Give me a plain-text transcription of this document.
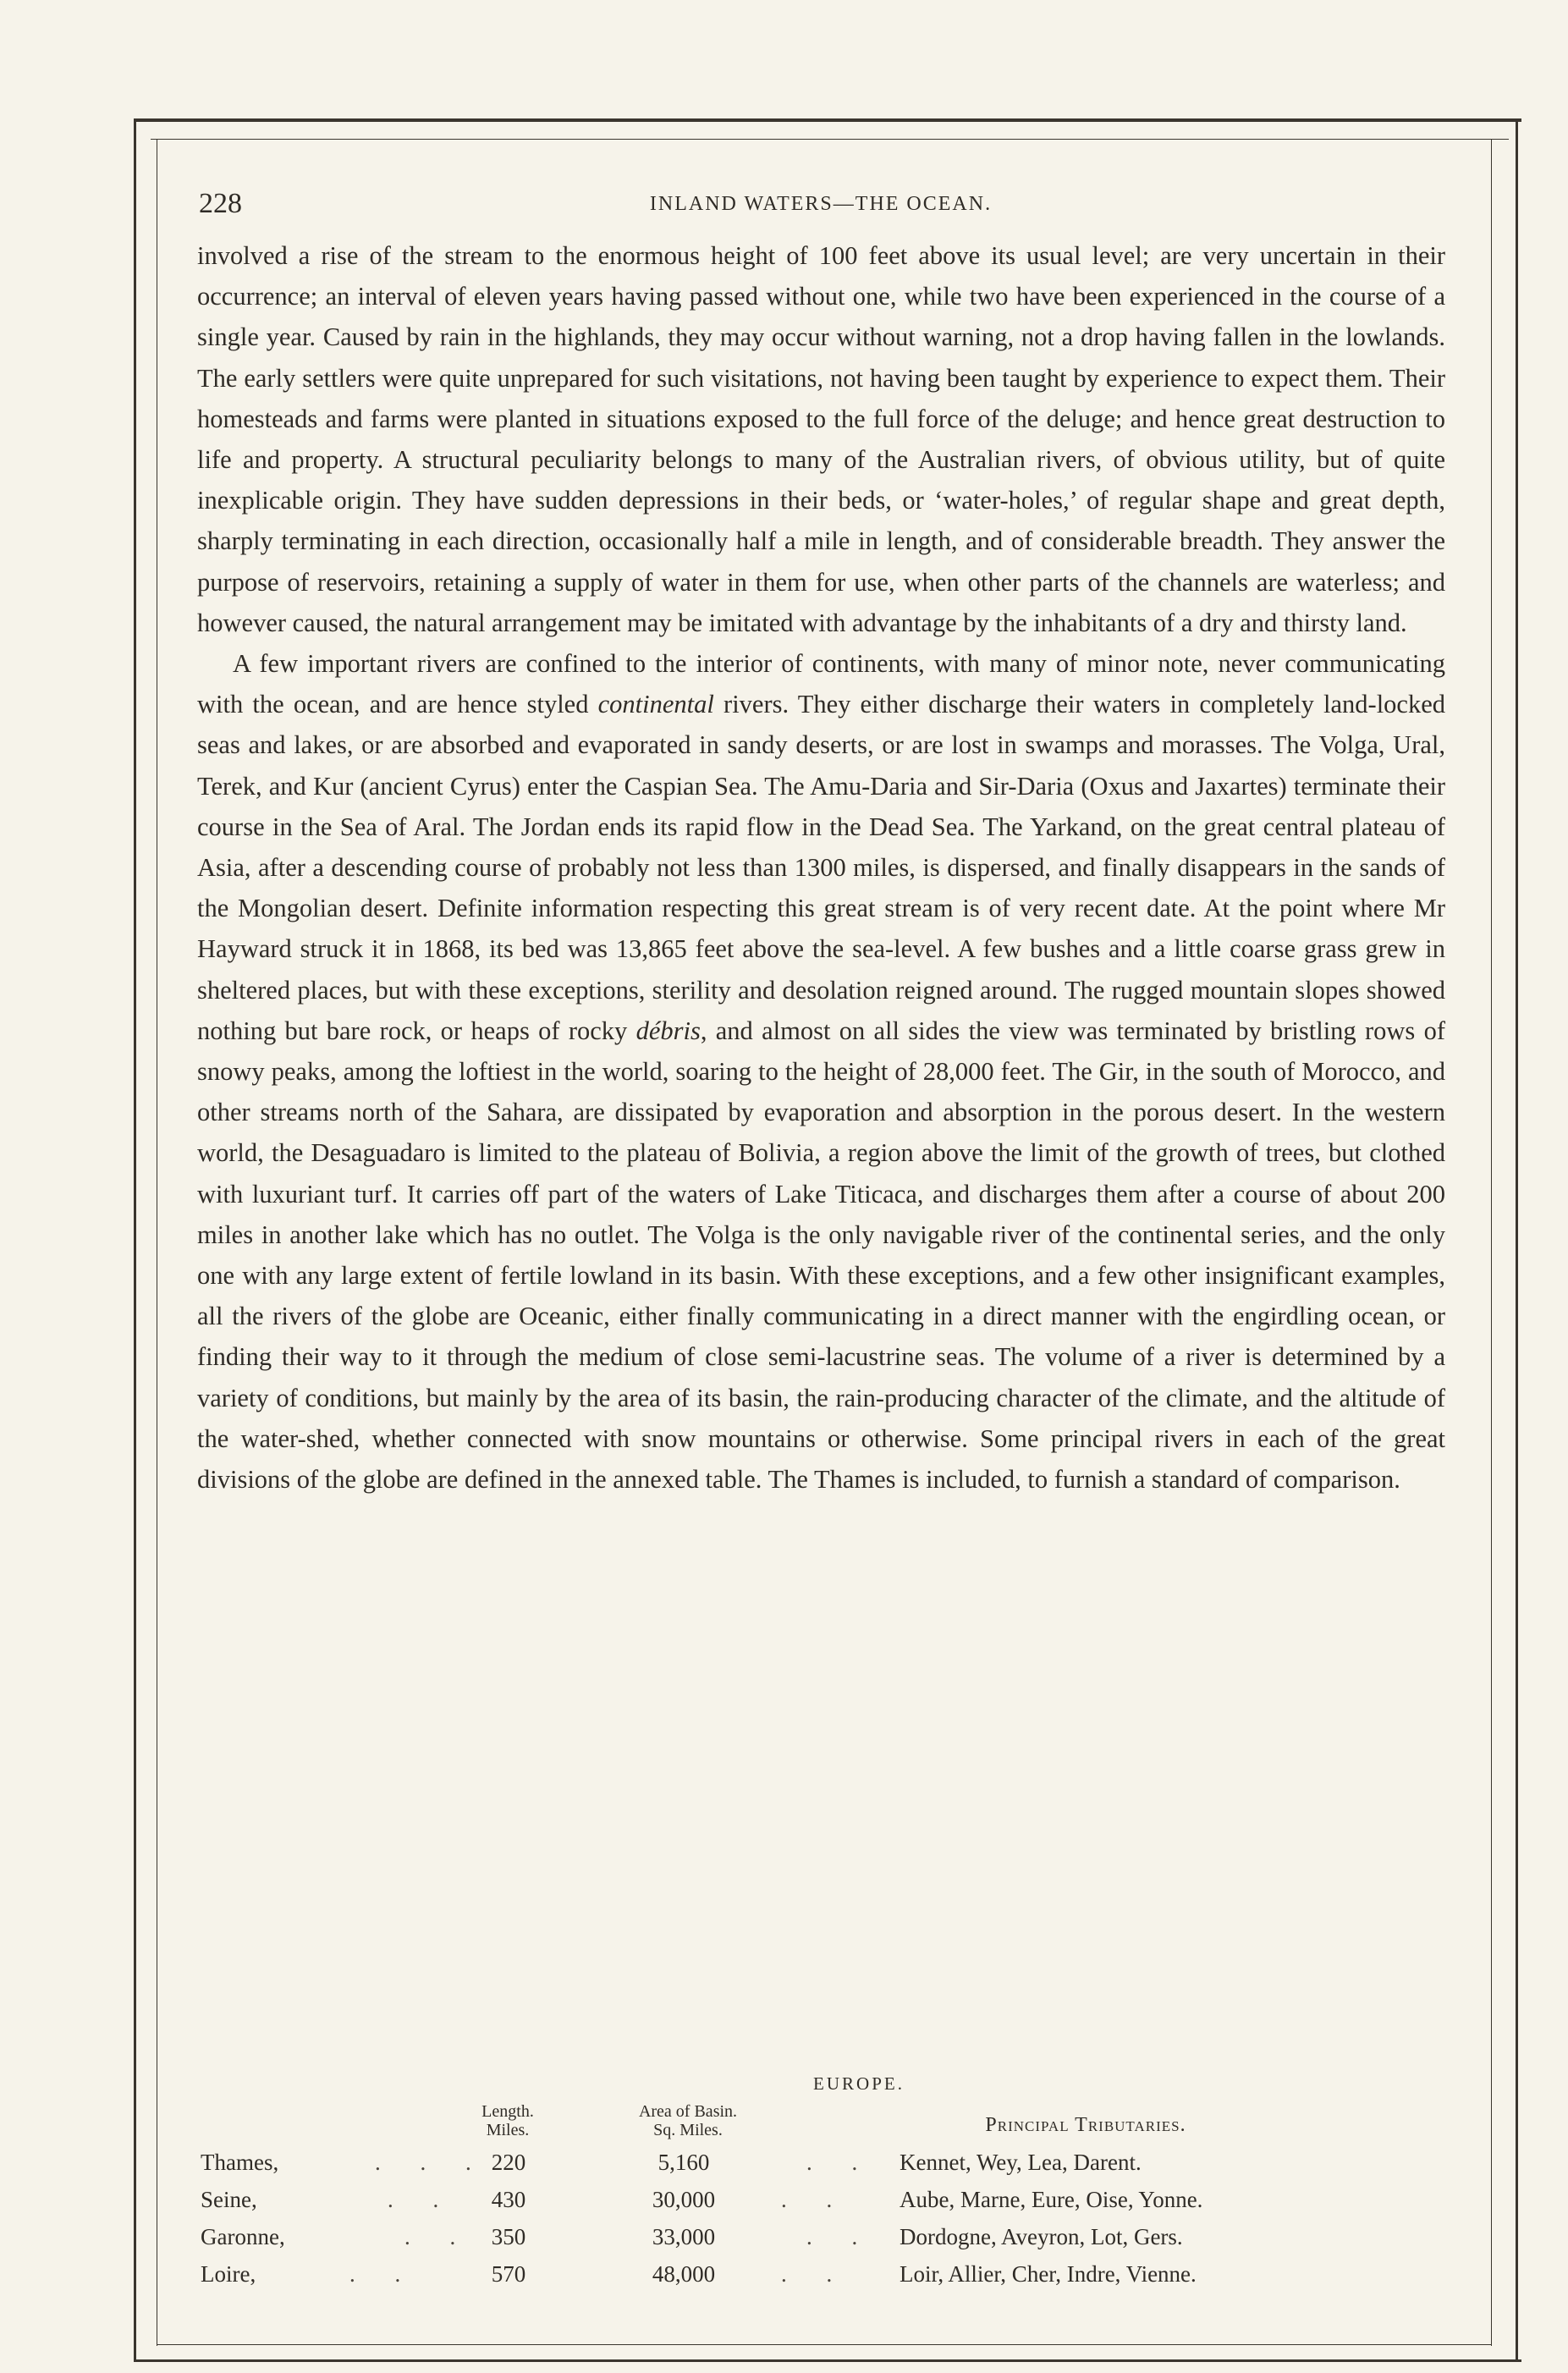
228	INLAND WATERS—THE OCEAN.

involved a rise of the stream to the enormous height of 100 feet above its usual level; are very uncertain in their occurrence; an interval of eleven years having passed without one, while two have been experienced in the course of a single year. Caused by rain in the highlands, they may occur without warning, not a drop having fallen in the lowlands. The early settlers were quite unprepared for such visitations, not having been taught by experience to expect them. Their homesteads and farms were planted in situations exposed to the full force of the deluge; and hence great destruction to life and property. A structural peculiarity belongs to many of the Australian rivers, of obvious utility, but of quite inexplicable origin. They have sudden depressions in their beds, or ‘water-holes,’ of regular shape and great depth, sharply terminating in each direction, occasionally half a mile in length, and of considerable breadth. They answer the purpose of reservoirs, retaining a supply of water in them for use, when other parts of the channels are waterless; and however caused, the natural arrangement may be imitated with advantage by the inhabitants of a dry and thirsty land.

A few important rivers are confined to the interior of continents, with many of minor note, never communicating with the ocean, and are hence styled continental rivers. They either discharge their waters in completely land-locked seas and lakes, or are absorbed and evaporated in sandy deserts, or are lost in swamps and morasses. The Volga, Ural, Terek, and Kur (ancient Cyrus) enter the Caspian Sea. The Amu-Daria and Sir-Daria (Oxus and Jaxartes) terminate their course in the Sea of Aral. The Jordan ends its rapid flow in the Dead Sea. The Yarkand, on the great central plateau of Asia, after a descending course of probably not less than 1300 miles, is dispersed, and finally disappears in the sands of the Mongolian desert. Definite information respecting this great stream is of very recent date. At the point where Mr Hayward struck it in 1868, its bed was 13,865 feet above the sea-level. A few bushes and a little coarse grass grew in sheltered places, but with these exceptions, sterility and desolation reigned around. The rugged mountain slopes showed nothing but bare rock, or heaps of rocky débris, and almost on all sides the view was terminated by bristling rows of snowy peaks, among the loftiest in the world, soaring to the height of 28,000 feet. The Gir, in the south of Morocco, and other streams north of the Sahara, are dissipated by evaporation and absorption in the porous desert. In the western world, the Desaguadaro is limited to the plateau of Bolivia, a region above the limit of the growth of trees, but clothed with luxuriant turf. It carries off part of the waters of Lake Titicaca, and discharges them after a course of about 200 miles in another lake which has no outlet. The Volga is the only navigable river of the continental series, and the only one with any large extent of fertile lowland in its basin. With these exceptions, and a few other insignificant examples, all the rivers of the globe are Oceanic, either finally communicating in a direct manner with the engirdling ocean, or finding their way to it through the medium of close semi-lacustrine seas. The volume of a river is determined by a variety of conditions, but mainly by the area of its basin, the rain-producing character of the climate, and the altitude of the water-shed, whether connected with snow mountains or otherwise. Some principal rivers in each of the great divisions of the globe are defined in the annexed table. The Thames is included, to furnish a standard of comparison.

EUROPE.
Length.
Miles.
Area of Basin.
Sq. Miles.	Principal Tributaries.
Thames,	. . . 220	5,160	. . Kennet, Wey, Lea, Darent.
Seine,	. .	430	30,000	. . Aube, Marne, Eure, Oise, Yonne.
Garonne,	. . 350	33,000	. . Dordogne, Aveyron, Lot, Gers.
Loire,	. .	570	48,000	. . Loir, Allier, Cher, Indre, Vienne.
